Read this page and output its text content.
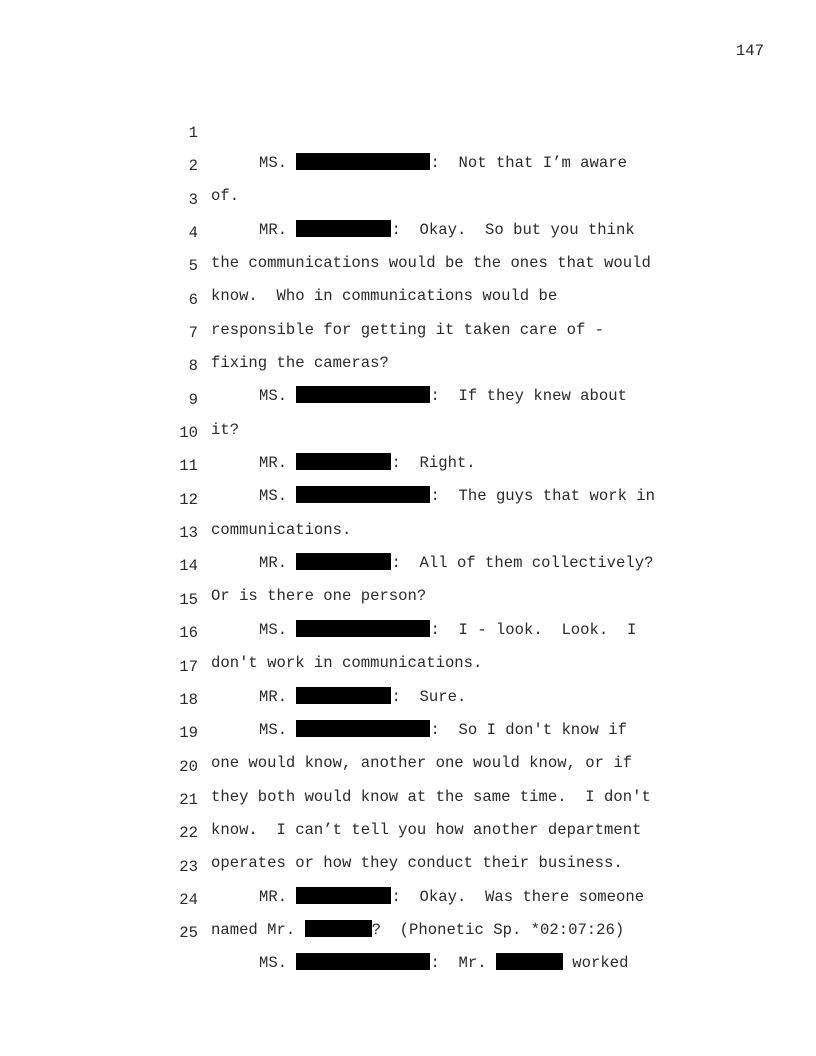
147

1

MS.	:  Not that I’m aware

2

of.

3

MR.	:  Okay.  So but you think

4

the communications would be the ones that would

5

know.  Who in communications would be

6

responsible for getting it taken care of -

7

fixing the cameras?

8

MS.	:  If they knew about

9

it?

10

MR.	:  Right.

11

MS.	:  The guys that work in

12

communications.

13

MR.	:  All of them collectively?

14

Or is there one person?

15

MS.	:  I - look.  Look.  I

16

don't work in communications.

17

MR.	:  Sure.

18

MS.	:  So I don't know if

19

one would know, another one would know, or if

20

they both would know at the same time.  I don't

21

know.  I can’t tell you how another department

22

operates or how they conduct their business.

23

MR.	:  Okay.  Was there someone

24

named Mr.	?  (Phonetic Sp. *02:07:26)

25

MS.	:  Mr.	worked
